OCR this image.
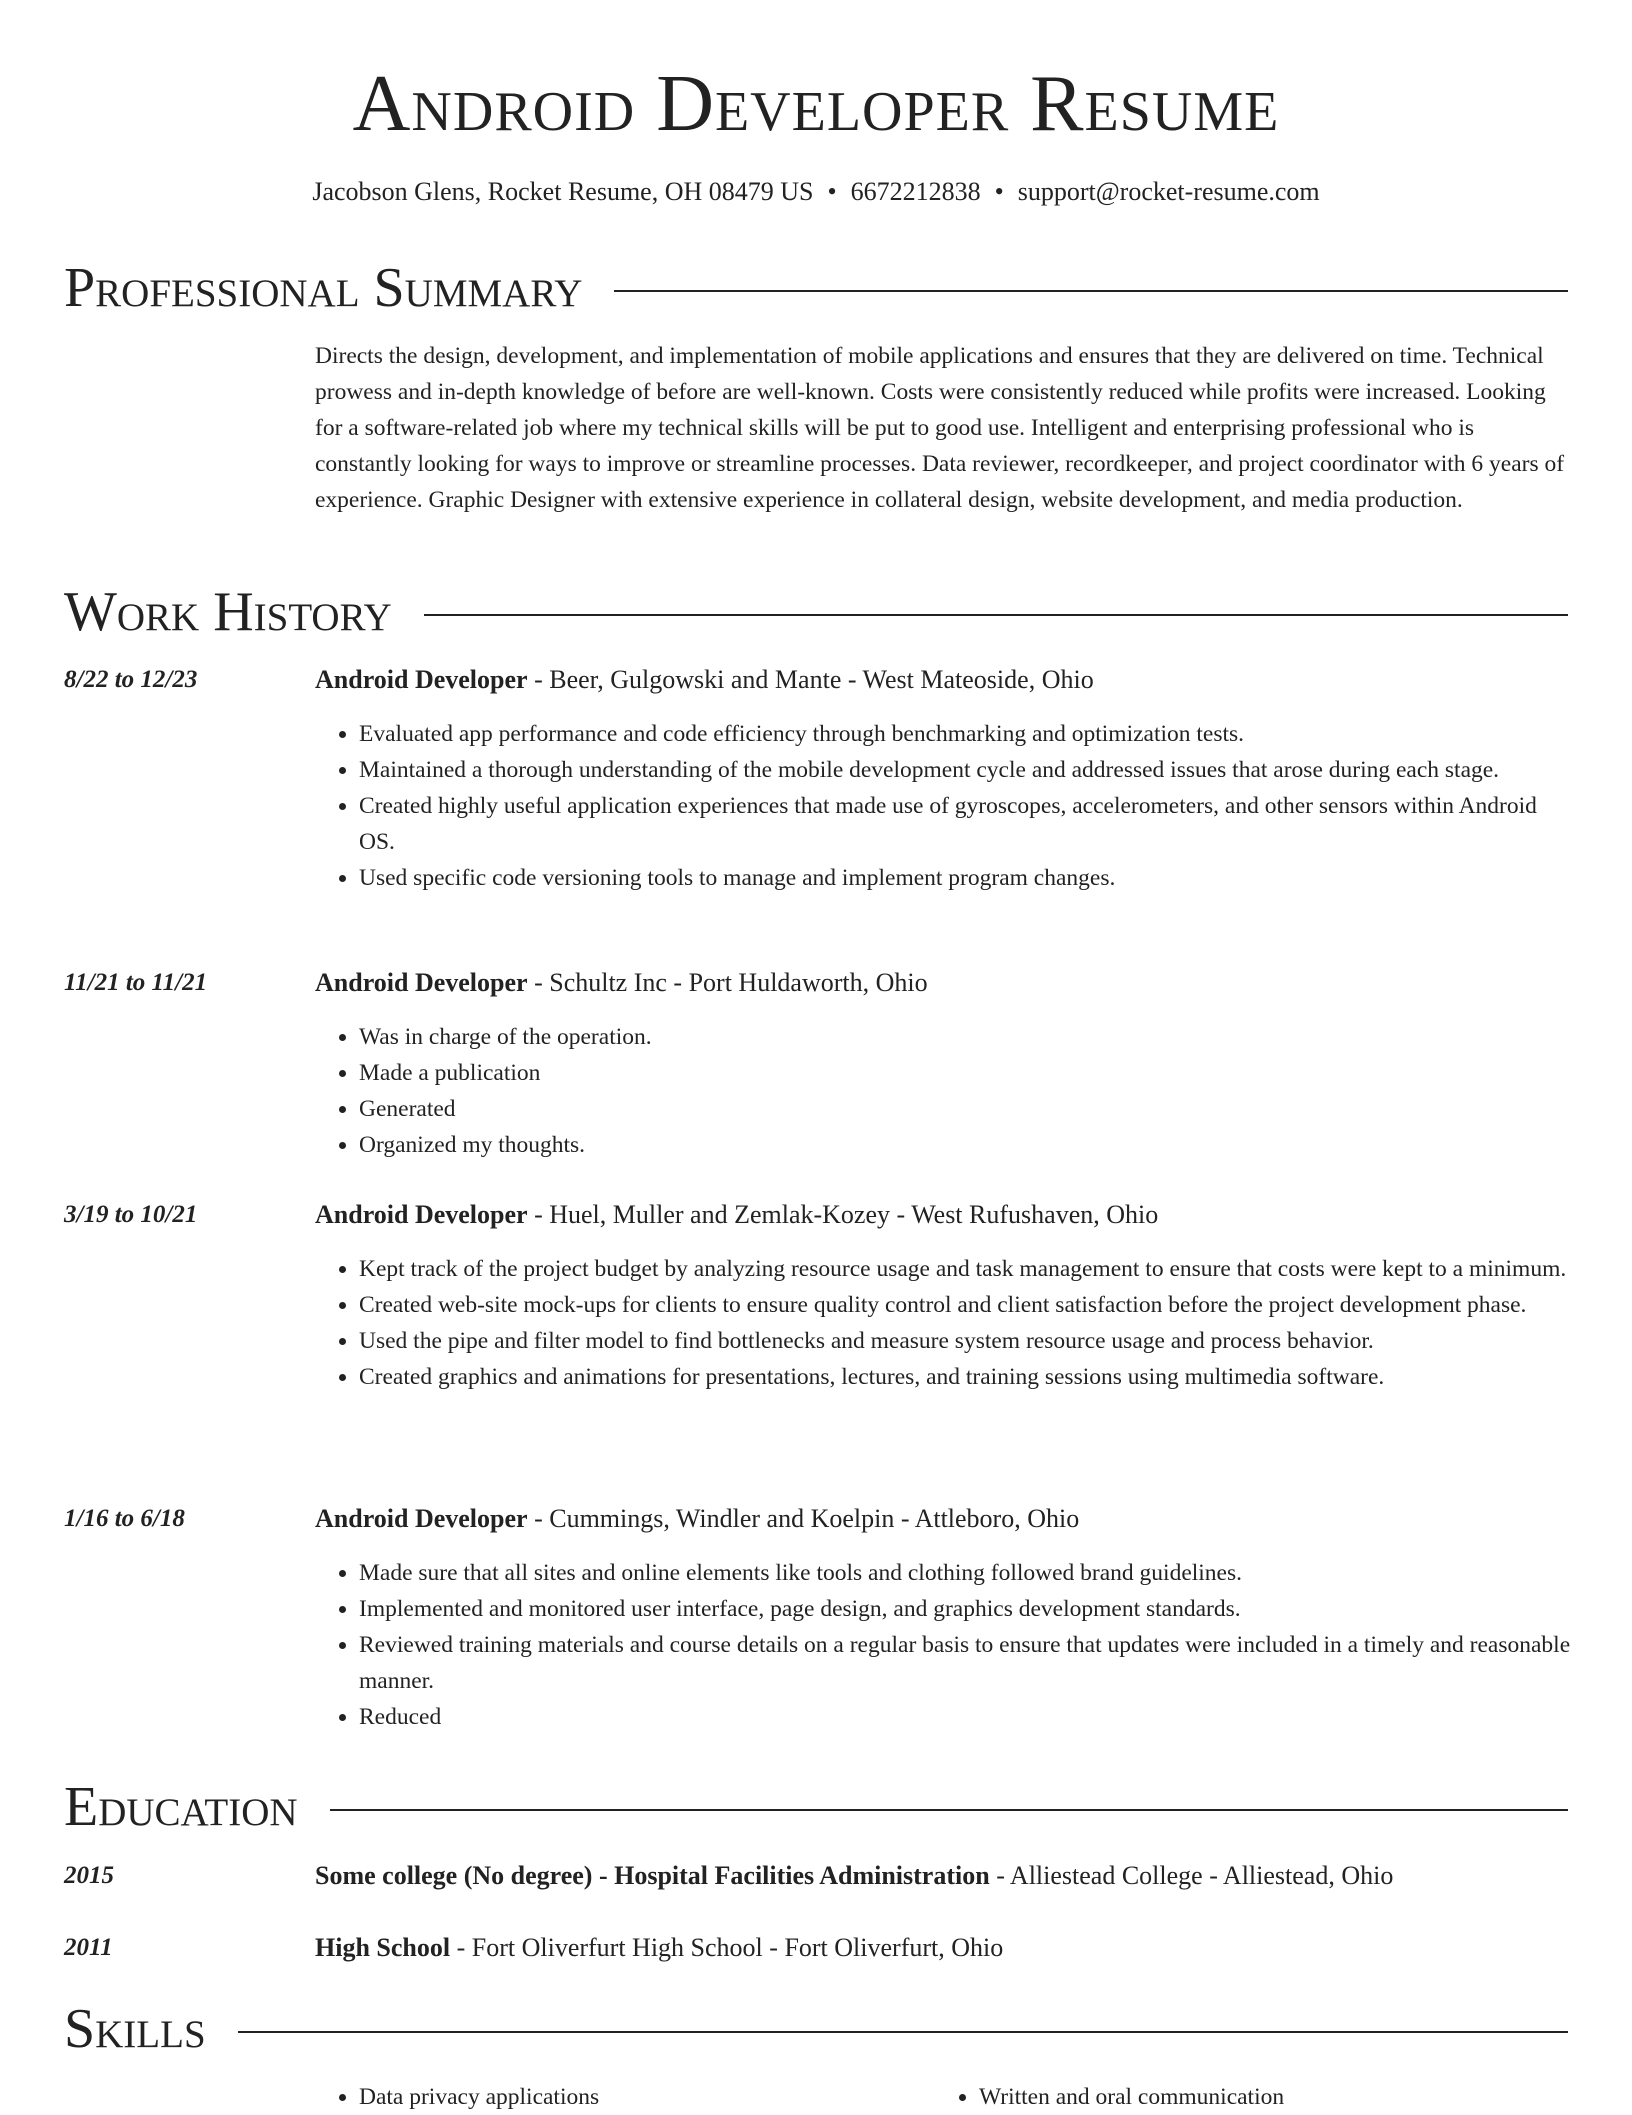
Android Developer Resume
Jacobson Glens, Rocket Resume, OH 08479 US • 6672212838 • support@rocket-resume.com
Professional Summary
Directs the design, development, and implementation of mobile applications and ensures that they are delivered on time. Technical prowess and in-depth knowledge of before are well-known. Costs were consistently reduced while profits were increased. Looking for a software-related job where my technical skills will be put to good use. Intelligent and enterprising professional who is constantly looking for ways to improve or streamline processes. Data reviewer, recordkeeper, and project coordinator with 6 years of experience. Graphic Designer with extensive experience in collateral design, website development, and media production.
Work History
8/22 to 12/23	Android Developer - Beer, Gulgowski and Mante - West Mateoside, Ohio
• Evaluated app performance and code efficiency through benchmarking and optimization tests.
• Maintained a thorough understanding of the mobile development cycle and addressed issues that arose during each stage.
• Created highly useful application experiences that made use of gyroscopes, accelerometers, and other sensors within Android OS.
• Used specific code versioning tools to manage and implement program changes.
11/21 to 11/21	Android Developer - Schultz Inc - Port Huldaworth, Ohio
• Was in charge of the operation.
• Made a publication
• Generated
• Organized my thoughts.
3/19 to 10/21	Android Developer - Huel, Muller and Zemlak-Kozey - West Rufushaven, Ohio
• Kept track of the project budget by analyzing resource usage and task management to ensure that costs were kept to a minimum.
• Created web-site mock-ups for clients to ensure quality control and client satisfaction before the project development phase.
• Used the pipe and filter model to find bottlenecks and measure system resource usage and process behavior.
• Created graphics and animations for presentations, lectures, and training sessions using multimedia software.
1/16 to 6/18	Android Developer - Cummings, Windler and Koelpin - Attleboro, Ohio
• Made sure that all sites and online elements like tools and clothing followed brand guidelines.
• Implemented and monitored user interface, page design, and graphics development standards.
• Reviewed training materials and course details on a regular basis to ensure that updates were included in a timely and reasonable manner.
• Reduced
Education
2015	Some college (No degree) - Hospital Facilities Administration - Alliestead College - Alliestead, Ohio
2011	High School - Fort Oliverfurt High School - Fort Oliverfurt, Ohio
Skills
• Data privacy applications
•	Written and oral communication
